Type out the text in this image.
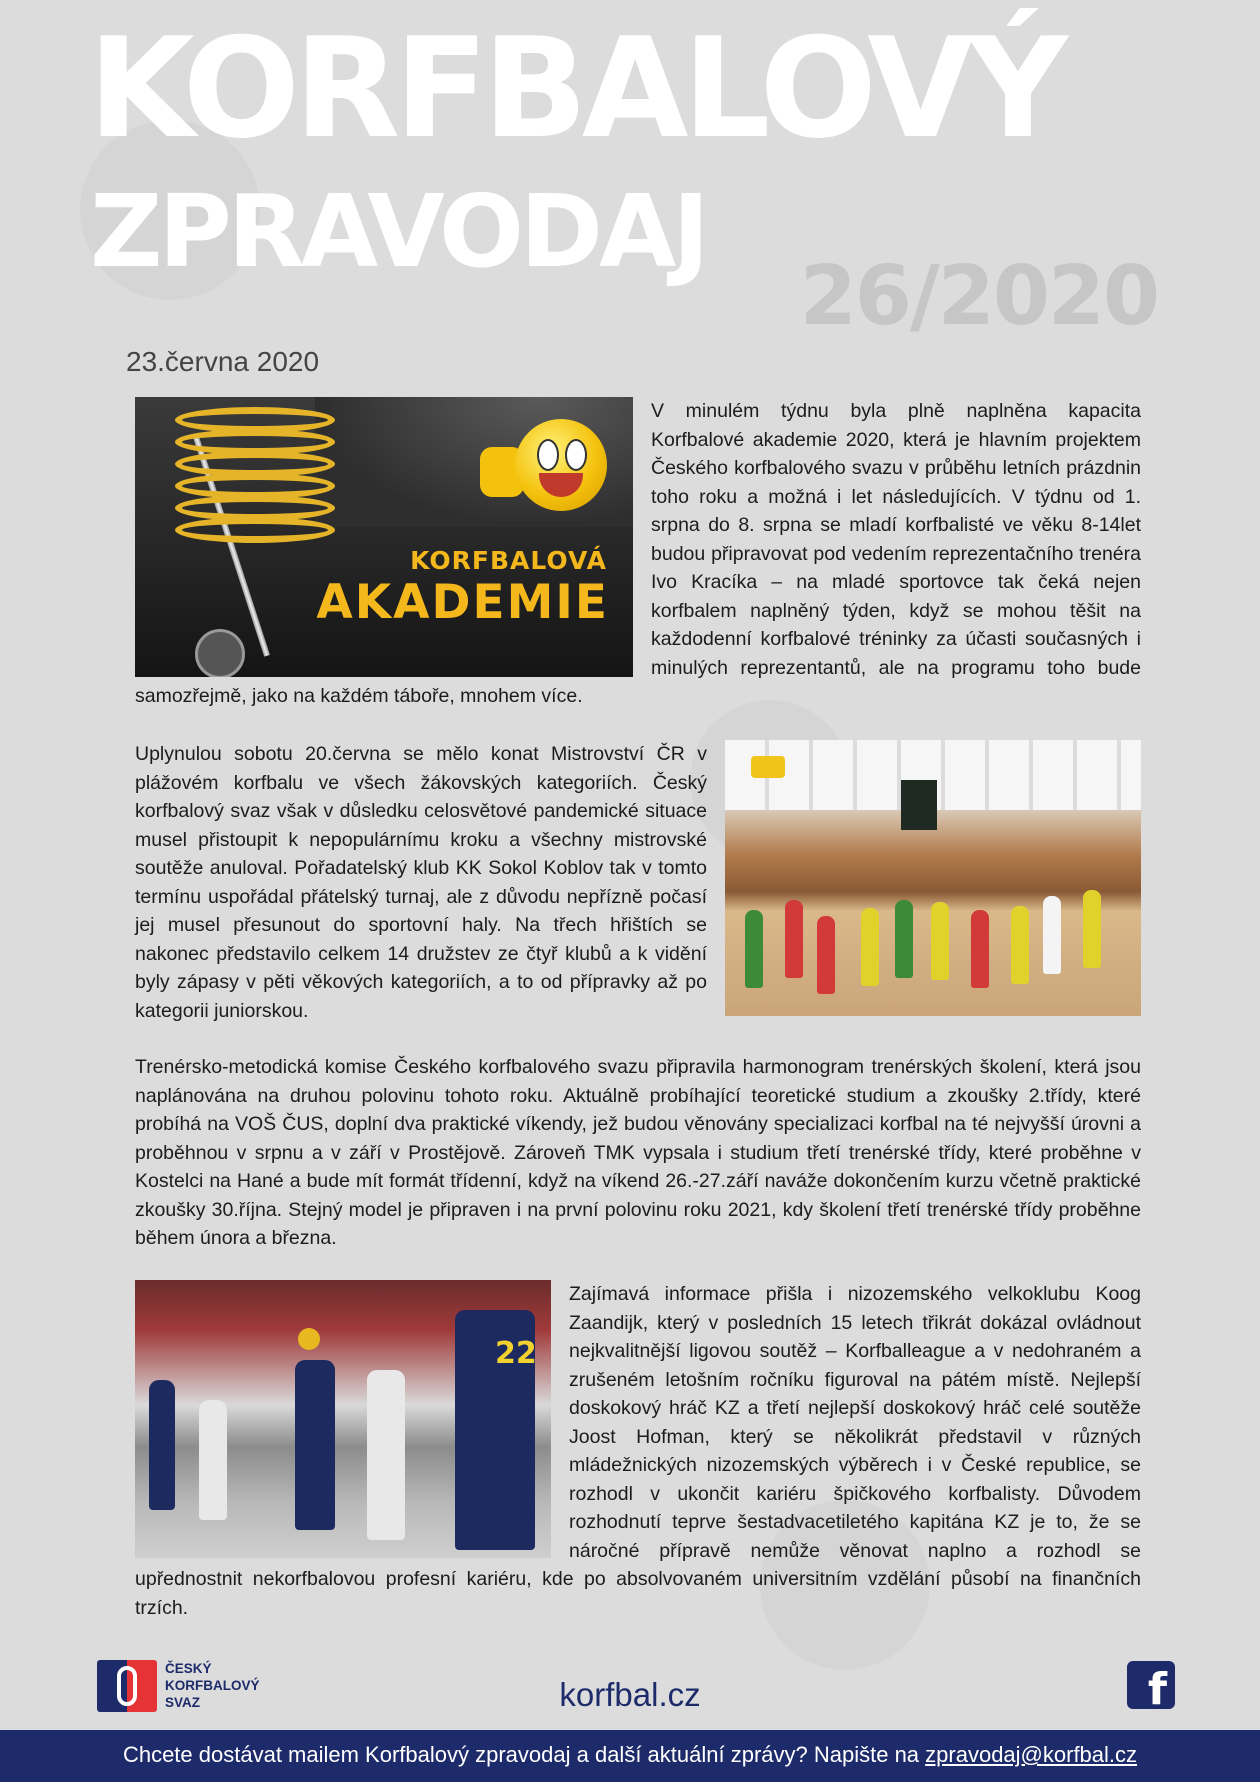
KORFBALOVÝ
ZPRAVODAJ
26/2020
23.června 2020
KORFBALOVÁ
AKADEMIE
V minulém týdnu byla plně naplněna kapacita Korfbalové akademie 2020, která je hlavním projektem Českého korfbalového svazu v průběhu letních prázdnin toho roku a možná i let následujících. V týdnu od 1. srpna do 8. srpna se mladí korfbalisté ve věku 8-14let budou připravovat pod vedením reprezentačního trenéra Ivo Kracíka – na mladé sportovce tak čeká nejen korfbalem naplněný týden, když se mohou těšit na každodenní korfbalové tréninky za účasti současných i minulých reprezentantů, ale na programu toho bude samozřejmě, jako na každém táboře, mnohem více.
Uplynulou sobotu 20.června se mělo konat Mistrovství ČR v plážovém korfbalu ve všech žákovských kategoriích. Český korfbalový svaz však v důsledku celosvětové pandemické situace musel přistoupit k nepopulárnímu kroku a všechny mistrovské soutěže anuloval. Pořadatelský klub KK Sokol Koblov tak v tomto termínu uspořádal přátelský turnaj, ale z důvodu nepřízně počasí jej musel přesunout do sportovní haly. Na třech hřištích se nakonec představilo celkem 14 družstev ze čtyř klubů a k vidění byly zápasy v pěti věkových kategoriích, a to od přípravky až po kategorii juniorskou.
Trenérsko-metodická komise Českého korfbalového svazu připravila harmonogram trenérských školení, která jsou naplánována na druhou polovinu tohoto roku. Aktuálně probíhající teoretické studium a zkoušky 2.třídy, které probíhá na VOŠ ČUS, doplní dva praktické víkendy, jež budou věnovány specializaci korfbal na té nejvyšší úrovni a proběhnou v srpnu a v září v Prostějově. Zároveň TMK vypsala i studium třetí trenérské třídy, které proběhne v Kostelci na Hané a bude mít formát třídenní, když na víkend 26.-27.září naváže dokončením kurzu včetně praktické zkoušky 30.října. Stejný model je připraven i na první polovinu roku 2021, kdy školení třetí trenérské třídy proběhne během února a března.
22
Zajímavá informace přišla i nizozemského velkoklubu Koog Zaandijk, který v posledních 15 letech třikrát dokázal ovládnout nejkvalitnější ligovou soutěž – Korfballeague a v nedohraném a zrušeném letošním ročníku figuroval na pátém místě. Nejlepší doskokový hráč KZ a třetí nejlepší doskokový hráč celé soutěže Joost Hofman, který se několikrát představil v různých mládežnických nizozemských výběrech i v České republice, se rozhodl v ukončit kariéru špičkového korfbalisty. Důvodem rozhodnutí teprve šestadvacetiletého kapitána KZ je to, že se náročné přípravě nemůže věnovat naplno a rozhodl se upřednostnit nekorfbalovou profesní kariéru, kde po absolvovaném universitním vzdělání působí na finančních trzích.
ČESKÝ
KORFBALOVÝ
SVAZ	korfbal.cz	f

Chcete dostávat mailem Korfbalový zpravodaj a další aktuální zprávy? Napište na zpravodaj@korfbal.cz
